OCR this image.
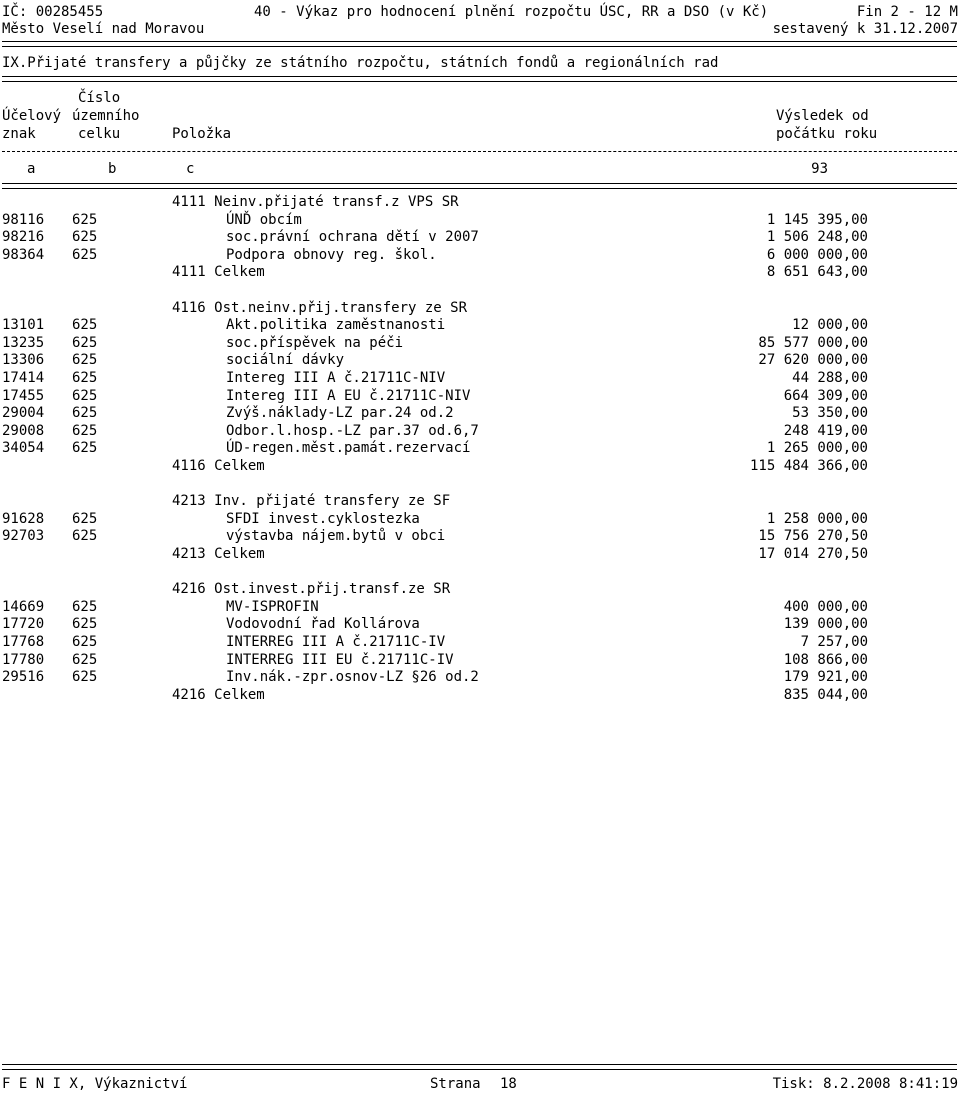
IČ: 00285455	40 - Výkaz pro hodnocení plnění rozpočtu ÚSC, RR a DSO (v Kč)	Fin 2 - 12 M
Město Veselí nad Moravou	sestavený k 31.12.2007
IX.Přijaté transfery a půjčky ze státního rozpočtu, státních fondů a regionálních rad
Číslo
Účelový územního	Výsledek od
znak	celku	Položka	počátku roku
a	b	c	93
4111 Neinv.přijaté transf.z VPS SR
98116 625	ÚNĎ obcím	1 145 395,00
98216 625	soc.právní ochrana dětí v 2007	1 506 248,00
98364 625	Podpora obnovy reg. škol.	6 000 000,00
4111 Celkem	8 651 643,00
4116 Ost.neinv.přij.transfery ze SR
13101 625	Akt.politika zaměstnanosti	12 000,00
13235 625	soc.příspěvek na péči	85 577 000,00
13306 625	sociální dávky	27 620 000,00
17414 625	Intereg III A č.21711C-NIV	44 288,00
17455 625	Intereg III A EU č.21711C-NIV	664 309,00
29004 625	Zvýš.náklady-LZ par.24 od.2	53 350,00
29008 625	Odbor.l.hosp.-LZ par.37 od.6,7	248 419,00
34054 625	ÚD-regen.měst.památ.rezervací	1 265 000,00
4116 Celkem	115 484 366,00
4213 Inv. přijaté transfery ze SF
91628 625	SFDI invest.cyklostezka	1 258 000,00
92703 625	výstavba nájem.bytů v obci	15 756 270,50
4213 Celkem	17 014 270,50
4216 Ost.invest.přij.transf.ze SR
14669 625	MV-ISPROFIN	400 000,00
17720 625	Vodovodní řad Kollárova	139 000,00
17768 625	INTERREG III A č.21711C-IV	7 257,00
17780 625	INTERREG III EU č.21711C-IV	108 866,00
29516 625	Inv.nák.-zpr.osnov-LZ §26 od.2	179 921,00
4216 Celkem	835 044,00
F E N I X, Výkaznictví	Strana 18	Tisk: 8.2.2008 8:41:19
